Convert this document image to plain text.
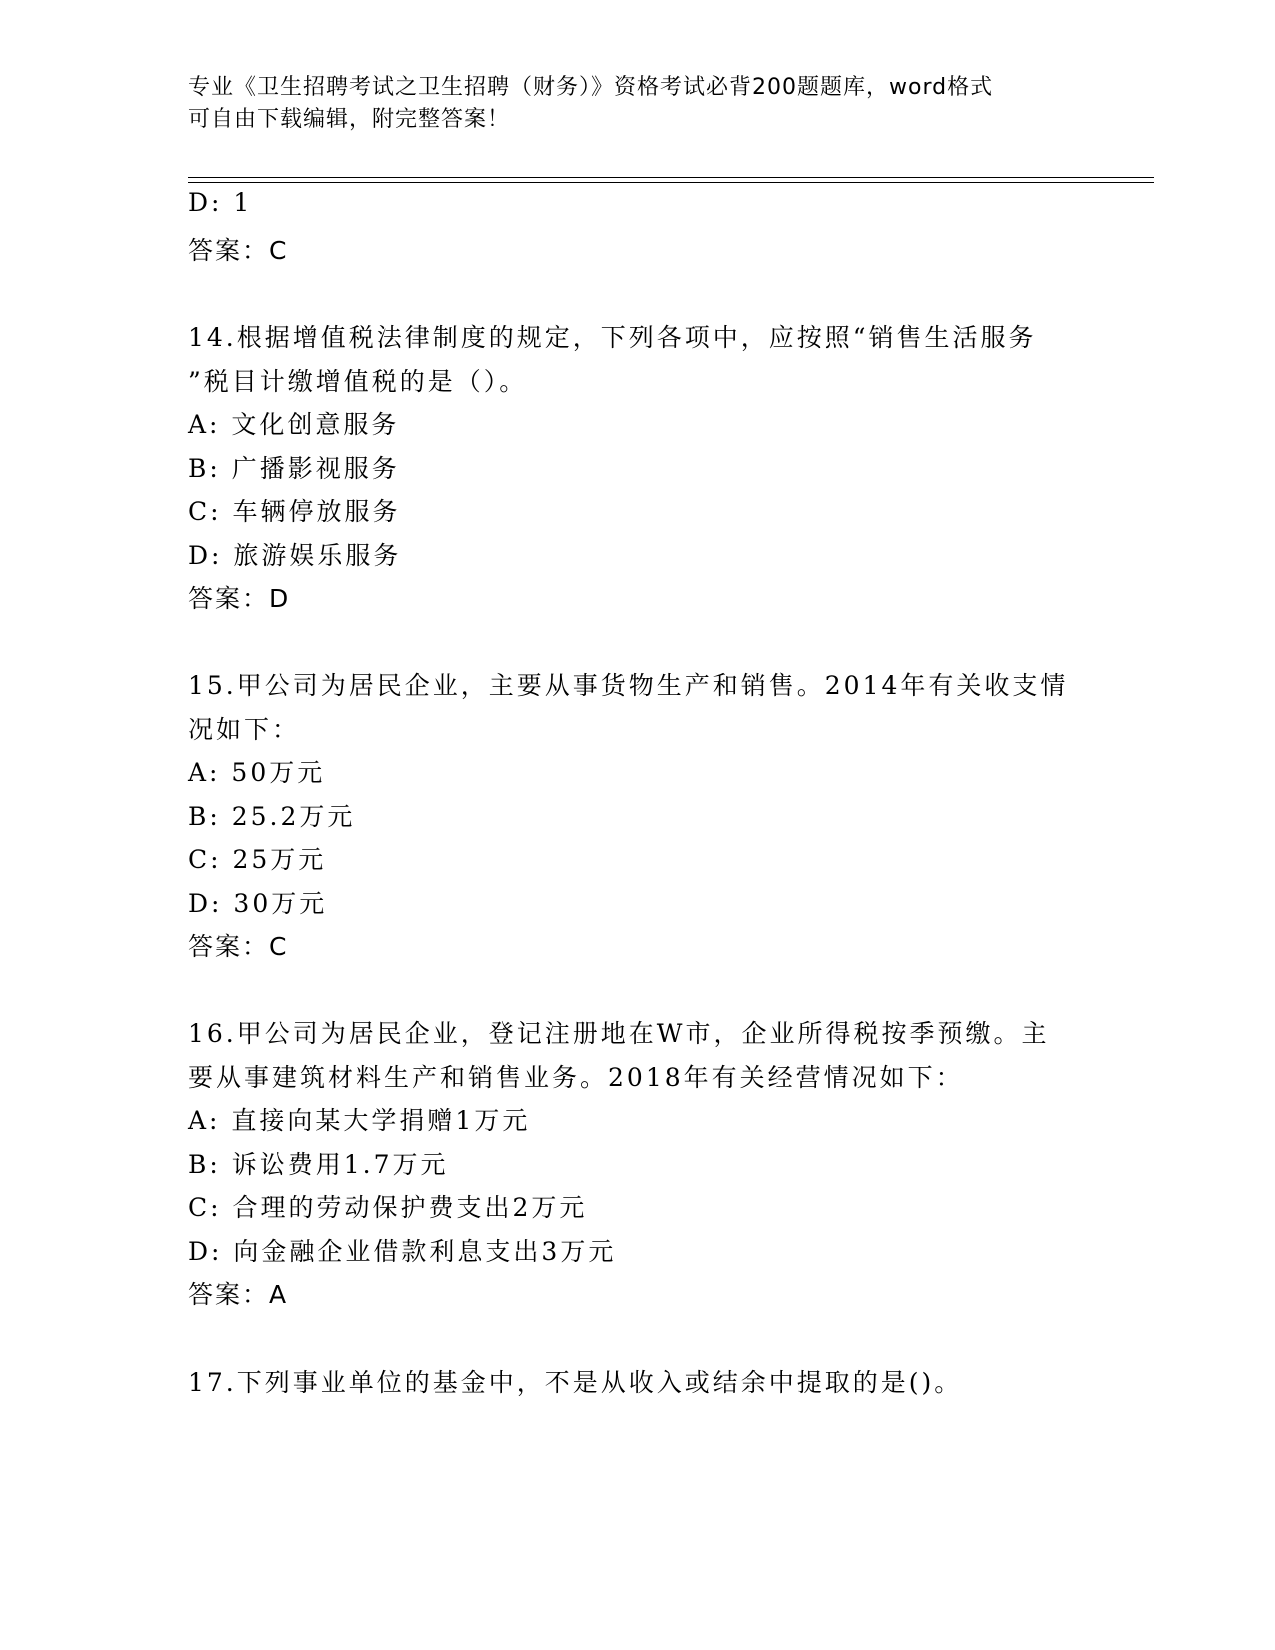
专业《卫生招聘考试之卫生招聘（财务）》资格考试必背200题题库，word格式
可自由下载编辑，附完整答案！
D: 1
答案：C
14.根据增值税法律制度的规定，下列各项中，应按照“销售生活服务
”税目计缴增值税的是（）。
A: 文化创意服务
B: 广播影视服务
C: 车辆停放服务
D: 旅游娱乐服务
答案：D
15.甲公司为居民企业，主要从事货物生产和销售。2014年有关收支情
况如下：
A: 50万元
B: 25.2万元
C: 25万元
D: 30万元
答案：C
16.甲公司为居民企业，登记注册地在W市，企业所得税按季预缴。主
要从事建筑材料生产和销售业务。2018年有关经营情况如下：
A: 直接向某大学捐赠1万元
B: 诉讼费用1.7万元
C: 合理的劳动保护费支出2万元
D: 向金融企业借款利息支出3万元
答案：A
17.下列事业单位的基金中，不是从收入或结余中提取的是()。
